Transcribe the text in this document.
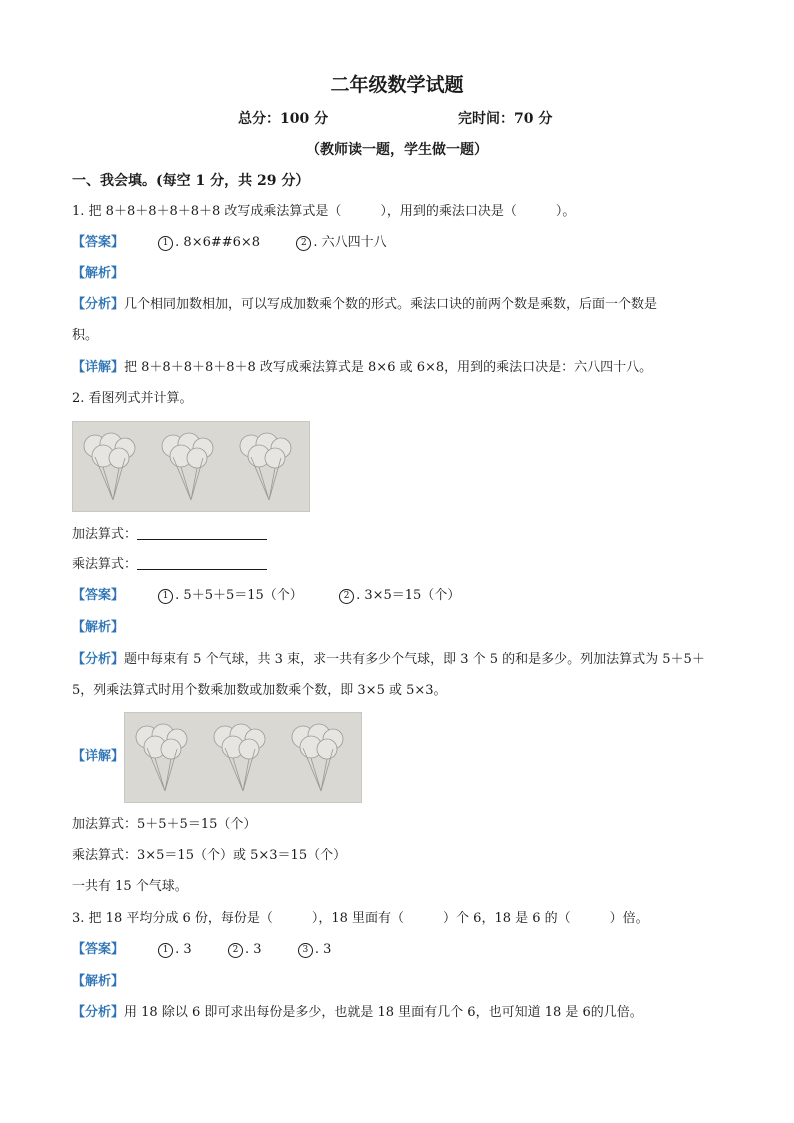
二年级数学试题
总分：100 分	完时间：70 分
（教师读一题，学生做一题）
一、我会填。(每空 1 分，共 29 分）
1. 把 8＋8＋8＋8＋8＋8 改写成乘法算式是（　　　），用到的乘法口决是（　　　）。
【答案】	1 . 8×6##6×8	2 . 六八四十八
【解析】
【分析】几个相同加数相加，可以写成加数乘个数的形式。乘法口诀的前两个数是乘数，后面一个数是
积。
【详解】把 8＋8＋8＋8＋8＋8 改写成乘法算式是 8×6 或 6×8，用到的乘法口决是：六八四十八。
2. 看图列式并计算。
加法算式：
乘法算式：
【答案】	1 . 5＋5＋5＝15（个）	2 . 3×5＝15（个）
【解析】
【分析】题中每束有 5 个气球，共 3 束，求一共有多少个气球，即 3 个 5 的和是多少。列加法算式为 5＋5＋
5，列乘法算式时用个数乘加数或加数乘个数，即 3×5 或 5×3。
【详解】
加法算式：5＋5＋5＝15（个）
乘法算式：3×5＝15（个）或 5×3＝15（个）
一共有 15 个气球。
3. 把 18 平均分成 6 份，每份是（　　　），18 里面有（　　　）个 6，18 是 6 的（　　　）倍。
【答案】	1 . 3	2 . 3	3 . 3
【解析】
【分析】用 18 除以 6 即可求出每份是多少，也就是 18 里面有几个 6，也可知道 18 是 6的几倍。
